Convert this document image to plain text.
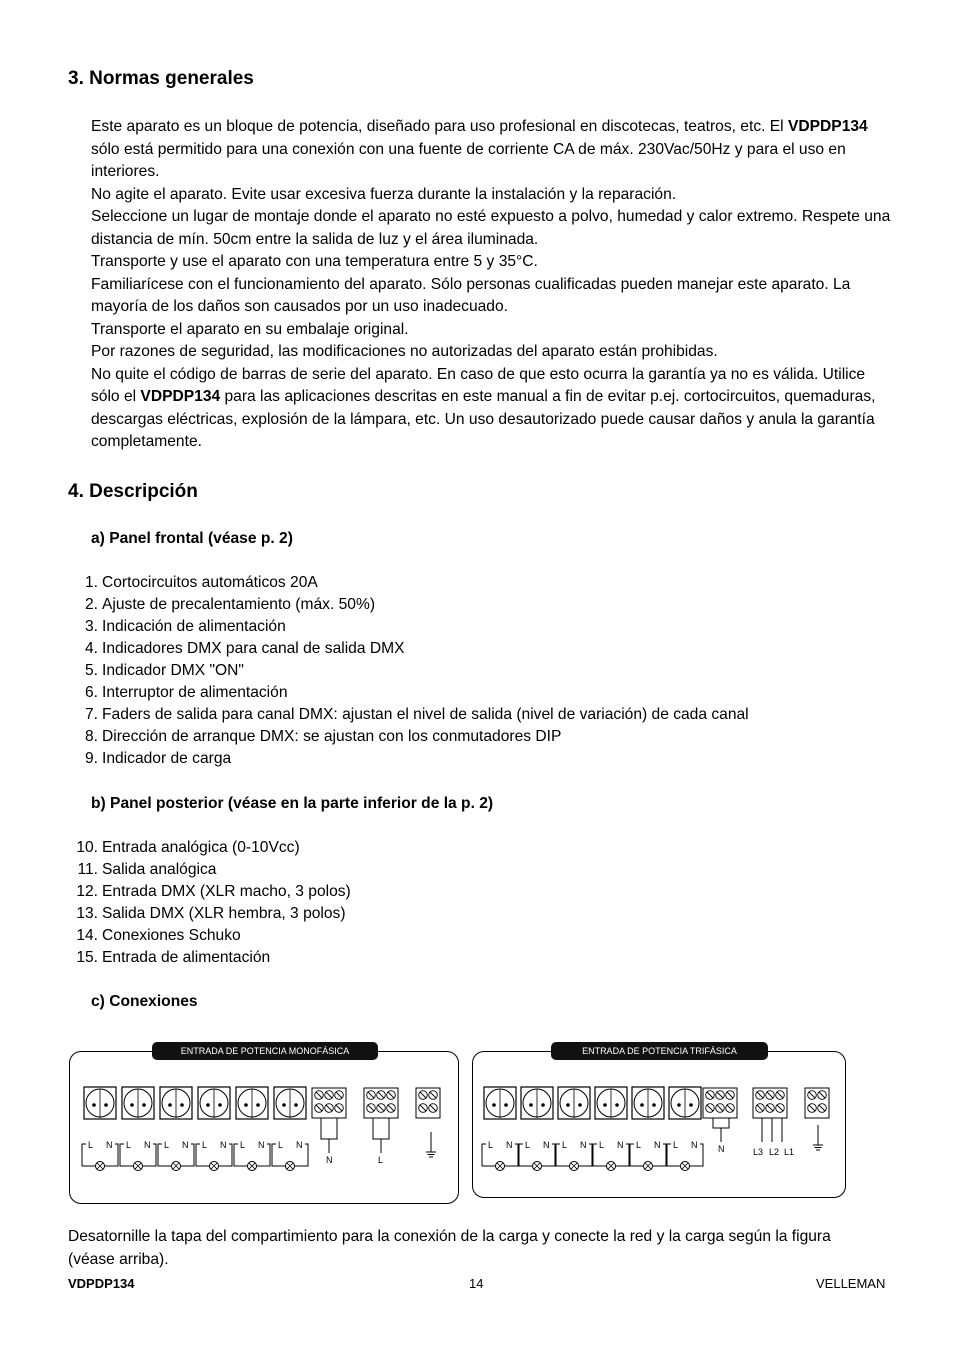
3. Normas generales
Este aparato es un bloque de potencia, diseñado para uso profesional en discotecas, teatros, etc. El VDPDP134 sólo está permitido para una conexión con una fuente de corriente CA de máx. 230Vac/50Hz y para el uso en interiores.
No agite el aparato. Evite usar excesiva fuerza durante la instalación y la reparación.
Seleccione un lugar de montaje donde el aparato no esté expuesto a polvo, humedad y calor extremo. Respete una distancia de mín. 50cm entre la salida de luz y el área iluminada.
Transporte y use el aparato con una temperatura entre 5 y 35°C.
Familiarícese con el funcionamiento del aparato. Sólo personas cualificadas pueden manejar este aparato. La mayoría de los daños son causados por un uso inadecuado.
Transporte el aparato en su embalaje original.
Por razones de seguridad, las modificaciones no autorizadas del aparato están prohibidas.
No quite el código de barras de serie del aparato. En caso de que esto ocurra la garantía ya no es válida. Utilice sólo el VDPDP134 para las aplicaciones descritas en este manual a fin de evitar p.ej. cortocircuitos, quemaduras, descargas eléctricas, explosión de la lámpara, etc. Un uso desautorizado puede causar daños y anula la garantía completamente.
4. Descripción
a) Panel frontal (véase p. 2)
1. Cortocircuitos automáticos 20A
2. Ajuste de precalentamiento (máx. 50%)
3. Indicación de alimentación
4. Indicadores DMX para canal de salida DMX
5. Indicador DMX "ON"
6. Interruptor de alimentación
7. Faders de salida para canal DMX: ajustan el nivel de salida (nivel de variación) de cada canal
8. Dirección de arranque DMX: se ajustan con los conmutadores DIP
9. Indicador de carga
b) Panel posterior (véase en la parte inferior de la p. 2)
10. Entrada analógica (0-10Vcc)
11. Salida analógica
12. Entrada DMX (XLR macho, 3 polos)
13. Salida DMX (XLR hembra, 3 polos)
14. Conexiones Schuko
15. Entrada de alimentación
c) Conexiones
L N L N L N L N L N L N
N	L
ENTRADA DE POTENCIA MONOFÁSICA
L N L N L N L N L N L N N	L3 L2 L1
ENTRADA DE POTENCIA TRIFÁSICA
Desatornille la tapa del compartimiento para la conexión de la carga y conecte la red y la carga según la figura (véase arriba).
VDPDP134	14	VELLEMAN
